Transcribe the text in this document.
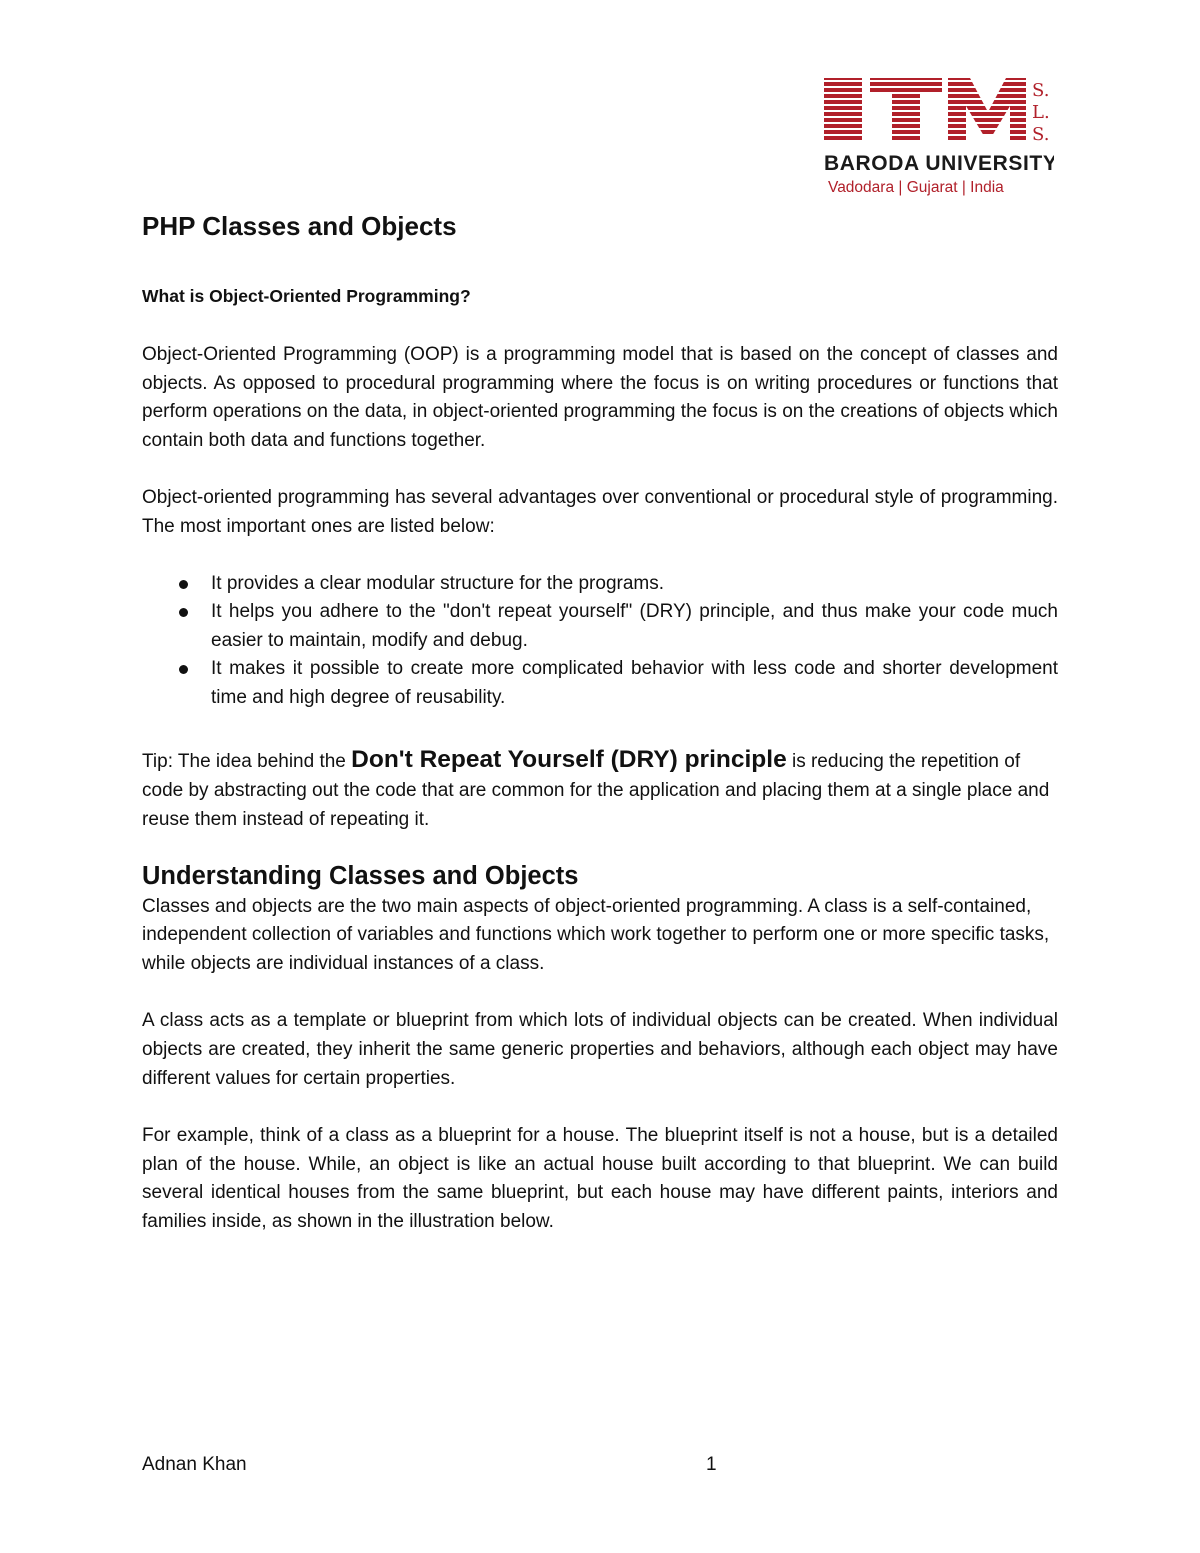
S.
L.
S.
BARODA UNIVERSITY
Vadodara | Gujarat | India
PHP Classes and Objects
What is Object-Oriented Programming?

Object-Oriented Programming (OOP) is a programming model that is based on the concept of classes and objects. As opposed to procedural programming where the focus is on writing procedures or functions that perform operations on the data, in object-oriented programming the focus is on the creations of objects which contain both data and functions together.

Object-oriented programming has several advantages over conventional or procedural style of programming. The most important ones are listed below:

It provides a clear modular structure for the programs.
It helps you adhere to the "don't repeat yourself" (DRY) principle, and thus make your code much easier to maintain, modify and debug.
It makes it possible to create more complicated behavior with less code and shorter development time and high degree of reusability.

Tip: The idea behind the Don't Repeat Yourself (DRY) principle is reducing the repetition of code by abstracting out the code that are common for the application and placing them at a single place and reuse them instead of repeating it.

Understanding Classes and Objects

Classes and objects are the two main aspects of object-oriented programming. A class is a self-contained, independent collection of variables and functions which work together to perform one or more specific tasks, while objects are individual instances of a class.

A class acts as a template or blueprint from which lots of individual objects can be created. When individual objects are created, they inherit the same generic properties and behaviors, although each object may have different values for certain properties.

For example, think of a class as a blueprint for a house. The blueprint itself is not a house, but is a detailed plan of the house. While, an object is like an actual house built according to that blueprint. We can build several identical houses from the same blueprint, but each house may have different paints, interiors and families inside, as shown in the illustration below.

Adnan Khan	1
